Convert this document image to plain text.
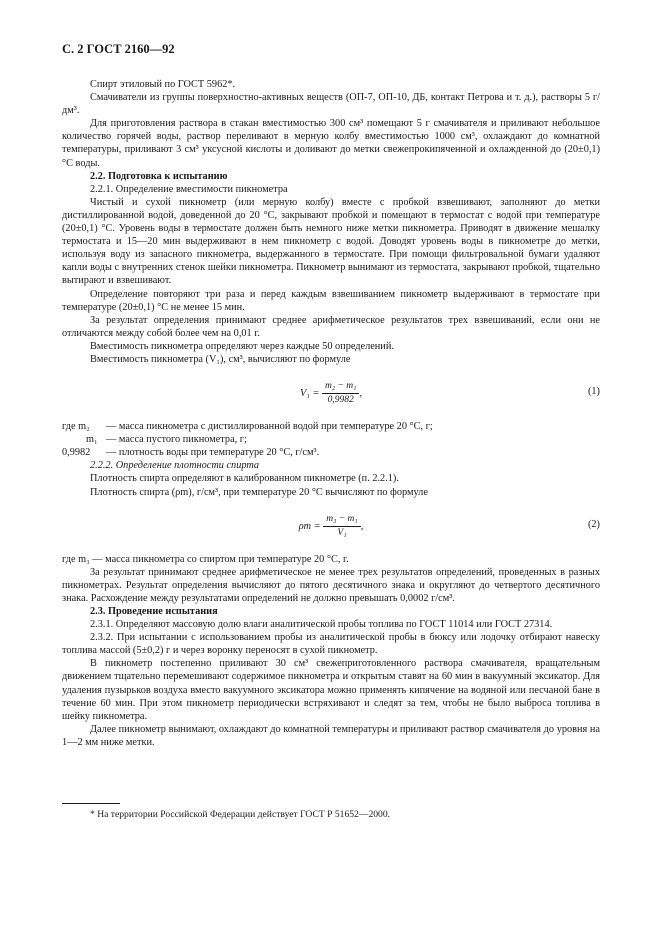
С. 2 ГОСТ 2160—92

Спирт этиловый по ГОСТ 5962*.

Смачиватели из группы поверхностно-активных веществ (ОП-7, ОП-10, ДБ, контакт Петрова и т. д.), растворы 5 г/дм³.

Для приготовления раствора в стакан вместимостью 300 см³ помещают 5 г смачивателя и приливают небольшое количество горячей воды, раствор переливают в мерную колбу вместимостью 1000 см³, охлаждают до комнатной температуры, приливают 3 см³ уксусной кислоты и доливают до метки свежепрокипяченной и охлажденной до (20±0,1) °С воды.

2.2. Подготовка к испытанию

2.2.1. Определение вместимости пикнометра

Чистый и сухой пикнометр (или мерную колбу) вместе с пробкой взвешивают, заполняют до метки дистиллированной водой, доведенной до 20 °С, закрывают пробкой и помещают в термостат с водой при температуре (20±0,1) °С. Уровень воды в термостате должен быть немного ниже метки пикнометра. Приводят в движение мешалку термостата и 15—20 мин выдерживают в нем пикнометр с водой. Доводят уровень воды в пикнометре до метки, используя воду из запасного пикнометра, выдержанного в термостате. При помощи фильтровальной бумаги удаляют капли воды с внутренних стенок шейки пикнометра. Пикнометр вынимают из термостата, закрывают пробкой, тщательно вытирают и взвешивают.

Определение повторяют три раза и перед каждым взвешиванием пикнометр выдерживают в термостате при температуре (20±0,1) °С не менее 15 мин.

За результат определения принимают среднее арифметическое результатов трех взвешиваний, если они не отличаются между собой более чем на 0,01 г.

Вместимость пикнометра определяют через каждые 50 определений.

Вместимость пикнометра (V₁), см³, вычисляют по формуле

$V_1 = \frac{\text{m₂ − m₁}}{0,9982}$ ,	(1)

где m₂ — масса пикнометра с дистиллированной водой при температуре 20 °С, г;

m₁ — масса пустого пикнометра, г;

0,9982 — плотность воды при температуре 20 °С, г/см³.

2.2.2. Определение плотности спирта

Плотность спирта определяют в калиброванном пикнометре (п. 2.2.1).

Плотность спирта (ρm), г/см³, при температуре 20 °С вычисляют по формуле

$\rho m = \frac{\text{m₃ − m₁}}{\text{V₁}}$ ,	(2)

где m₃ — масса пикнометра со спиртом при температуре 20 °С, г.

За результат принимают среднее арифметическое не менее трех результатов определений, проведенных в разных пикнометрах. Результат определения вычисляют до пятого десятичного знака и округляют до четвертого десятичного знака. Расхождение между результатами определений не должно превышать 0,0002 г/см³.

2.3. Проведение испытания

2.3.1. Определяют массовую долю влаги аналитической пробы топлива по ГОСТ 11014 или ГОСТ 27314.

2.3.2. При испытании с использованием пробы из аналитической пробы в бюксу или лодочку отбирают навеску топлива массой (5±0,2) г и через воронку переносят в сухой пикнометр.

В пикнометр постепенно приливают 30 см³ свежеприготовленного раствора смачивателя, вращательным движением тщательно перемешивают содержимое пикнометра и открытым ставят на 60 мин в вакуумный эксикатор. Для удаления пузырьков воздуха вместо вакуумного эксикатора можно применять кипячение на водяной или песчаной бане в течение 60 мин. При этом пикнометр периодически встряхивают и следят за тем, чтобы не было выброса топлива в шейку пикнометра.

Далее пикнометр вынимают, охлаждают до комнатной температуры и приливают раствор смачивателя до уровня на 1—2 мм ниже метки.

* На территории Российской Федерации действует ГОСТ Р 51652—2000.
